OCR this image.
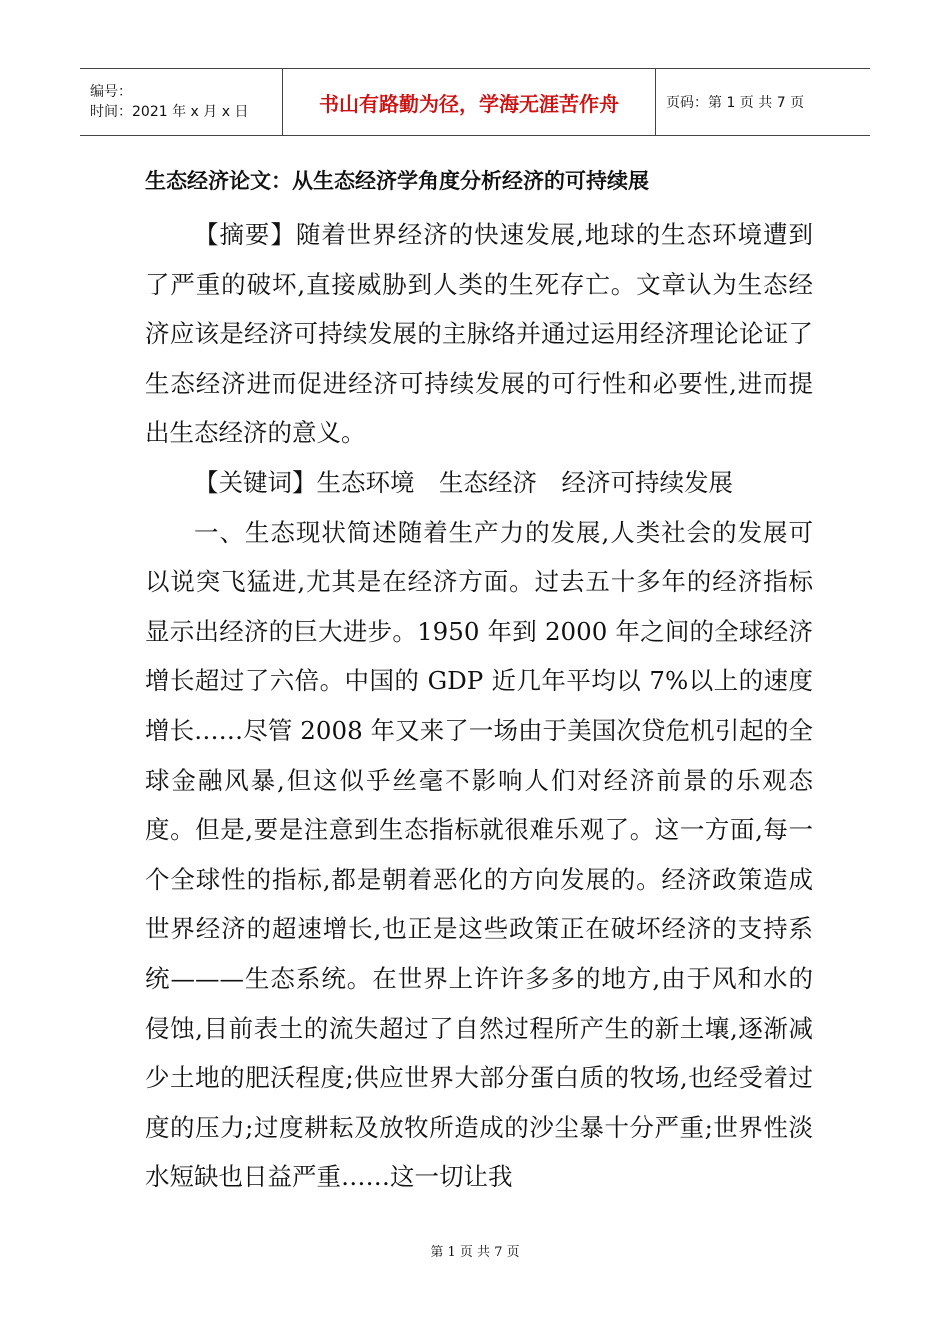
编号：
时间：2021 年 x 月 x 日	书山有路勤为径，学海无涯苦作舟	页码：第 1 页 共 7 页
生态经济论文：从生态经济学角度分析经济的可持续展

【摘要】随着世界经济的快速发展,地球的生态环境遭到了严重的破坏,直接威胁到人类的生死存亡。文章认为生态经济应该是经济可持续发展的主脉络并通过运用经济理论论证了生态经济进而促进经济可持续发展的可行性和必要性,进而提出生态经济的意义。

【关键词】生态环境　生态经济　经济可持续发展

一、生态现状简述随着生产力的发展,人类社会的发展可以说突飞猛进,尤其是在经济方面。过去五十多年的经济指标显示出经济的巨大进步。1950 年到 2000 年之间的全球经济增长超过了六倍。中国的 GDP 近几年平均以 7%以上的速度增长……尽管 2008 年又来了一场由于美国次贷危机引起的全球金融风暴,但这似乎丝毫不影响人们对经济前景的乐观态度。但是,要是注意到生态指标就很难乐观了。这一方面,每一个全球性的指标,都是朝着恶化的方向发展的。经济政策造成世界经济的超速增长,也正是这些政策正在破坏经济的支持系统———生态系统。在世界上许许多多的地方,由于风和水的侵蚀,目前表土的流失超过了自然过程所产生的新土壤,逐渐减少土地的肥沃程度;供应世界大部分蛋白质的牧场,也经受着过度的压力;过度耕耘及放牧所造成的沙尘暴十分严重;世界性淡水短缺也日益严重……这一切让我

第 1 页 共 7 页
